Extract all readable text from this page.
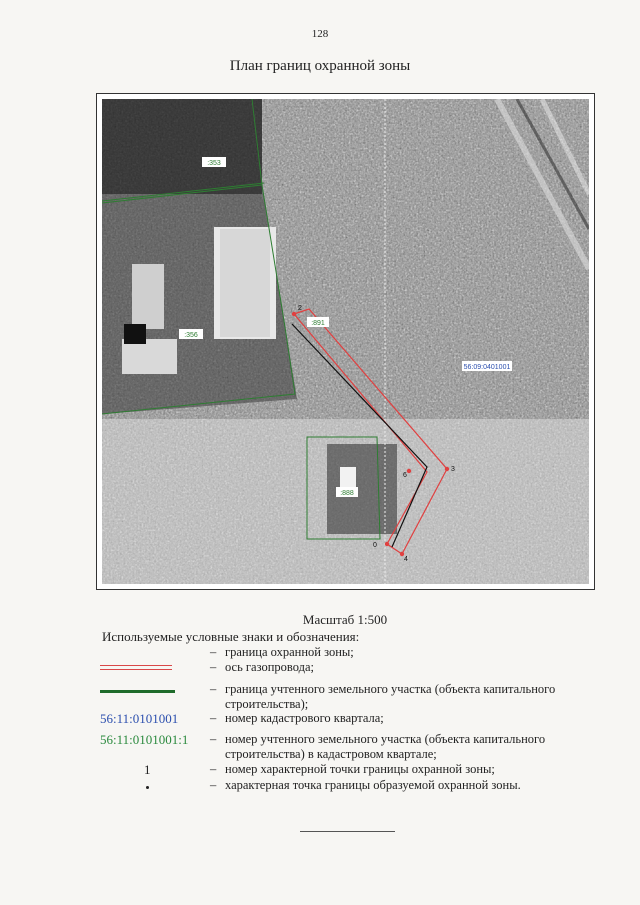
128
План границ охранной зоны
:353
:356
:891
:888
56:09:0401001
2
3
4
0
6
Масштаб 1:500
Используемые условные знаки и обозначения:
– граница охранной зоны;
– ось газопровода;
– граница учтенного земельного участка (объекта капитального строительства);
56:11:0101001	– номер кадастрового квартала;
56:11:0101001:1	– номер учтенного земельного участка (объекта капитального строительства) в кадастровом квартале;
1	– номер характерной точки границы охранной зоны;
– характерная точка границы образуемой охранной зоны.
